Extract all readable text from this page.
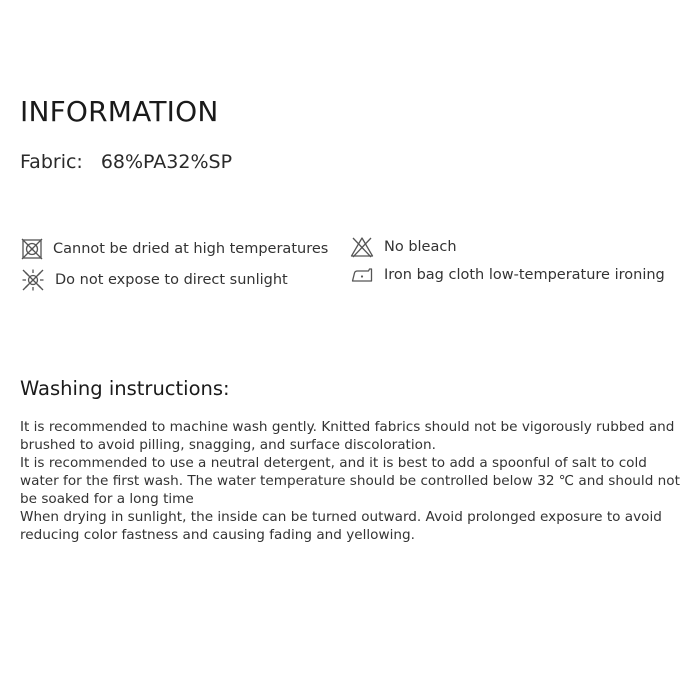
INFORMATION
Fabric: 68%PA32%SP
Cannot be dried at high temperatures
Do not expose to direct sunlight
No bleach
Iron bag cloth low-temperature ironing
Washing instructions:

It is recommended to machine wash gently. Knitted fabrics should not be vigorously rubbed and brushed to avoid pilling, snagging, and surface discoloration.

It is recommended to use a neutral detergent, and it is best to add a spoonful of salt to cold water for the first wash. The water temperature should be controlled below 32 ℃ and should not be soaked for a long time

When drying in sunlight, the inside can be turned outward. Avoid prolonged exposure to avoid reducing color fastness and causing fading and yellowing.
